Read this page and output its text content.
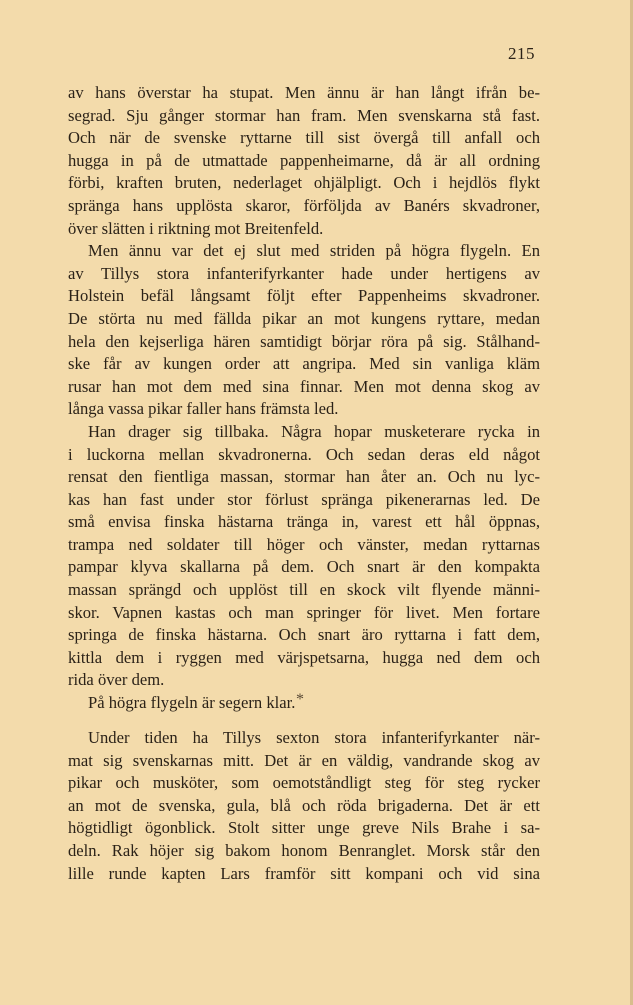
215
av hans överstar ha stupat. Men ännu är han långt ifrån be-
segrad. Sju gånger stormar han fram. Men svenskarna stå fast.
Och när de svenske ryttarne till sist övergå till anfall och
hugga in på de utmattade pappenheimarne, då är all ordning
förbi, kraften bruten, nederlaget ohjälpligt. Och i hejdlös flykt
spränga hans upplösta skaror, förföljda av Banérs skvadroner,
över slätten i riktning mot Breitenfeld.
Men ännu var det ej slut med striden på högra flygeln. En
av Tillys stora infanterifyrkanter hade under hertigens av
Holstein befäl långsamt följt efter Pappenheims skvadroner.
De störta nu med fällda pikar an mot kungens ryttare, medan
hela den kejserliga hären samtidigt börjar röra på sig. Stålhand-
ske får av kungen order att angripa. Med sin vanliga kläm
rusar han mot dem med sina finnar. Men mot denna skog av
långa vassa pikar faller hans främsta led.
Han drager sig tillbaka. Några hopar musketerare rycka in
i luckorna mellan skvadronerna. Och sedan deras eld något
rensat den fientliga massan, stormar han åter an. Och nu lyc-
kas han fast under stor förlust spränga pikenerarnas led. De
små envisa finska hästarna tränga in, varest ett hål öppnas,
trampa ned soldater till höger och vänster, medan ryttarnas
pampar klyva skallarna på dem. Och snart är den kompakta
massan sprängd och upplöst till en skock vilt flyende männi-
skor. Vapnen kastas och man springer för livet. Men fortare
springa de finska hästarna. Och snart äro ryttarna i fatt dem,
kittla dem i ryggen med värjspetsarna, hugga ned dem och
rida över dem.
På högra flygeln är segern klar. *
Under tiden ha Tillys sexton stora infanterifyrkanter när-
mat sig svenskarnas mitt. Det är en väldig, vandrande skog av
pikar och musköter, som oemotståndligt steg för steg rycker
an mot de svenska, gula, blå och röda brigaderna. Det är ett
högtidligt ögonblick. Stolt sitter unge greve Nils Brahe i sa-
deln. Rak höjer sig bakom honom Benranglet. Morsk står den
lille runde kapten Lars framför sitt kompani och vid sina
